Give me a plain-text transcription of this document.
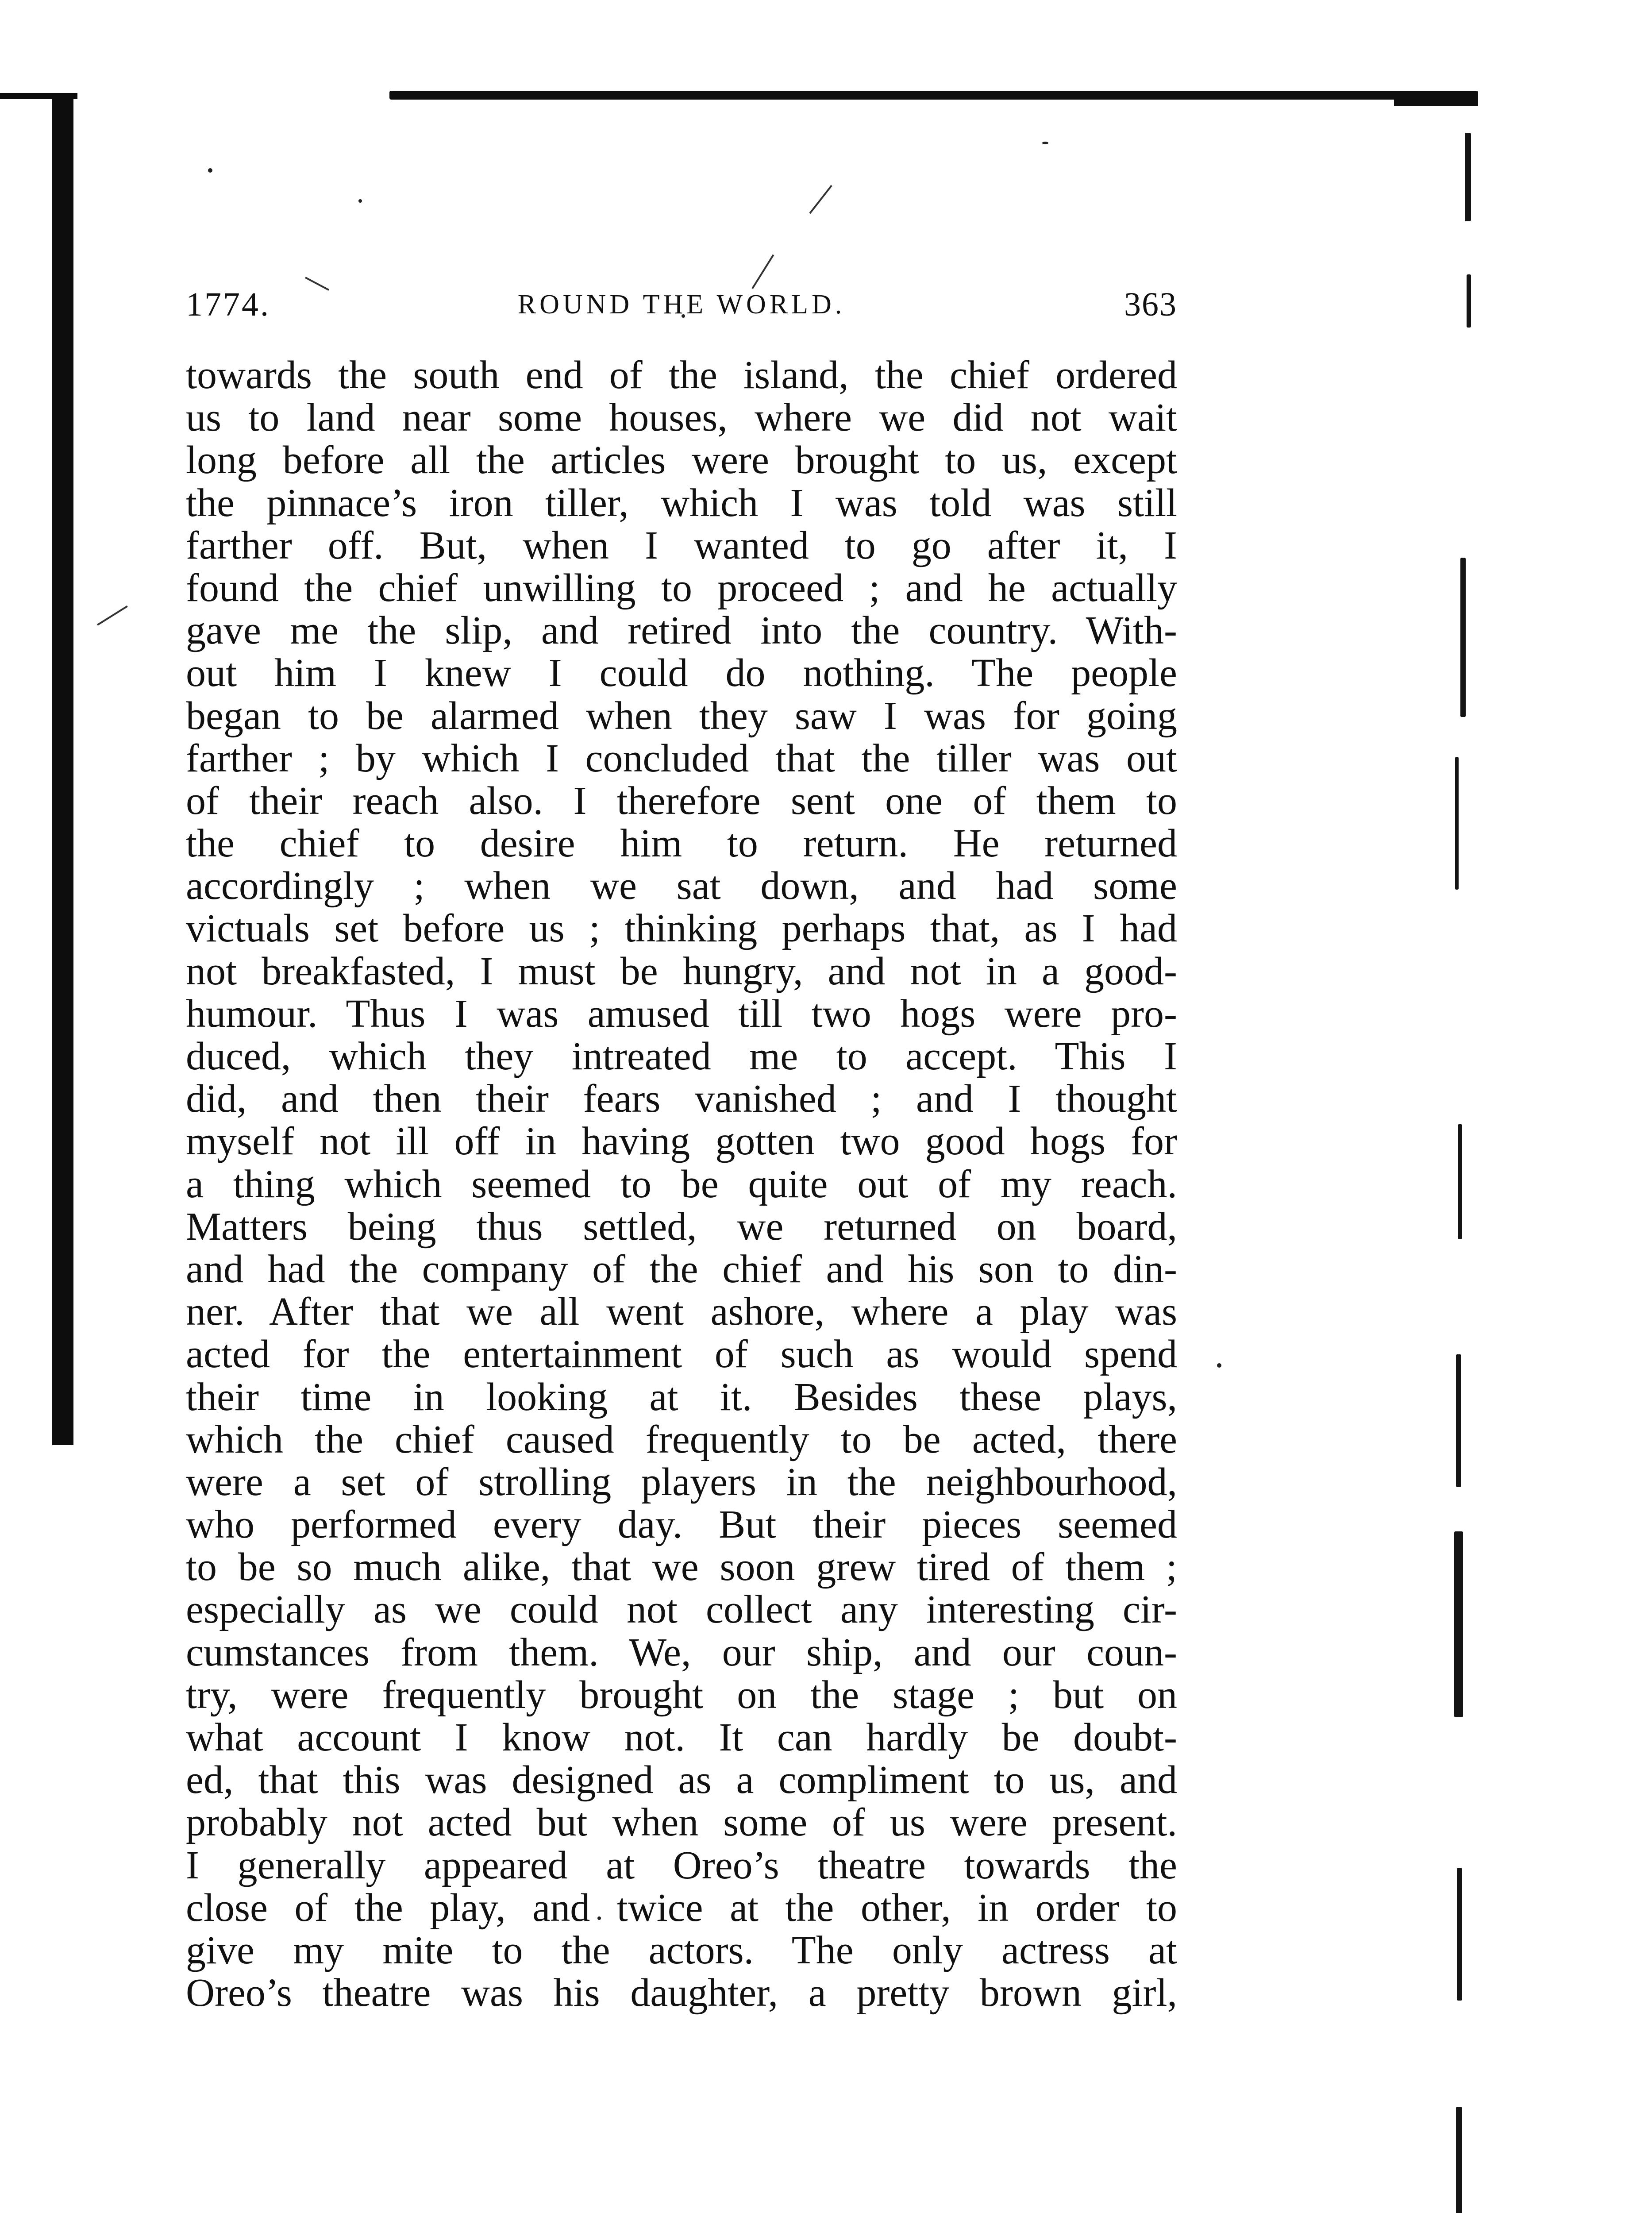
1774.	ROUND THE WORLD.	363
towards the south end of the island, the chief ordered
us to land near some houses, where we did not wait
long before all the articles were brought to us, except
the pinnace’s iron tiller, which I was told was still
farther off. But, when I wanted to go after it, I
found the chief unwilling to proceed ; and he actually
gave me the slip, and retired into the country. With-
out him I knew I could do nothing. The people
began to be alarmed when they saw I was for going
farther ; by which I concluded that the tiller was out
of their reach also. I therefore sent one of them to
the chief to desire him to return. He returned
accordingly ; when we sat down, and had some
victuals set before us ; thinking perhaps that, as I had
not breakfasted, I must be hungry, and not in a good-
humour. Thus I was amused till two hogs were pro-
duced, which they intreated me to accept. This I
did, and then their fears vanished ; and I thought
myself not ill off in having gotten two good hogs for
a thing which seemed to be quite out of my reach.
Matters being thus settled, we returned on board,
and had the company of the chief and his son to din-
ner. After that we all went ashore, where a play was
acted for the entertainment of such as would spend
their time in looking at it. Besides these plays,
which the chief caused frequently to be acted, there
were a set of strolling players in the neighbourhood,
who performed every day. But their pieces seemed
to be so much alike, that we soon grew tired of them ;
especially as we could not collect any interesting cir-
cumstances from them. We, our ship, and our coun-
try, were frequently brought on the stage ; but on
what account I know not. It can hardly be doubt-
ed, that this was designed as a compliment to us, and
probably not acted but when some of us were present.
I generally appeared at Oreo’s theatre towards the
close of the play, and twice at the other, in order to
give my mite to the actors. The only actress at
Oreo’s theatre was his daughter, a pretty brown girl,
